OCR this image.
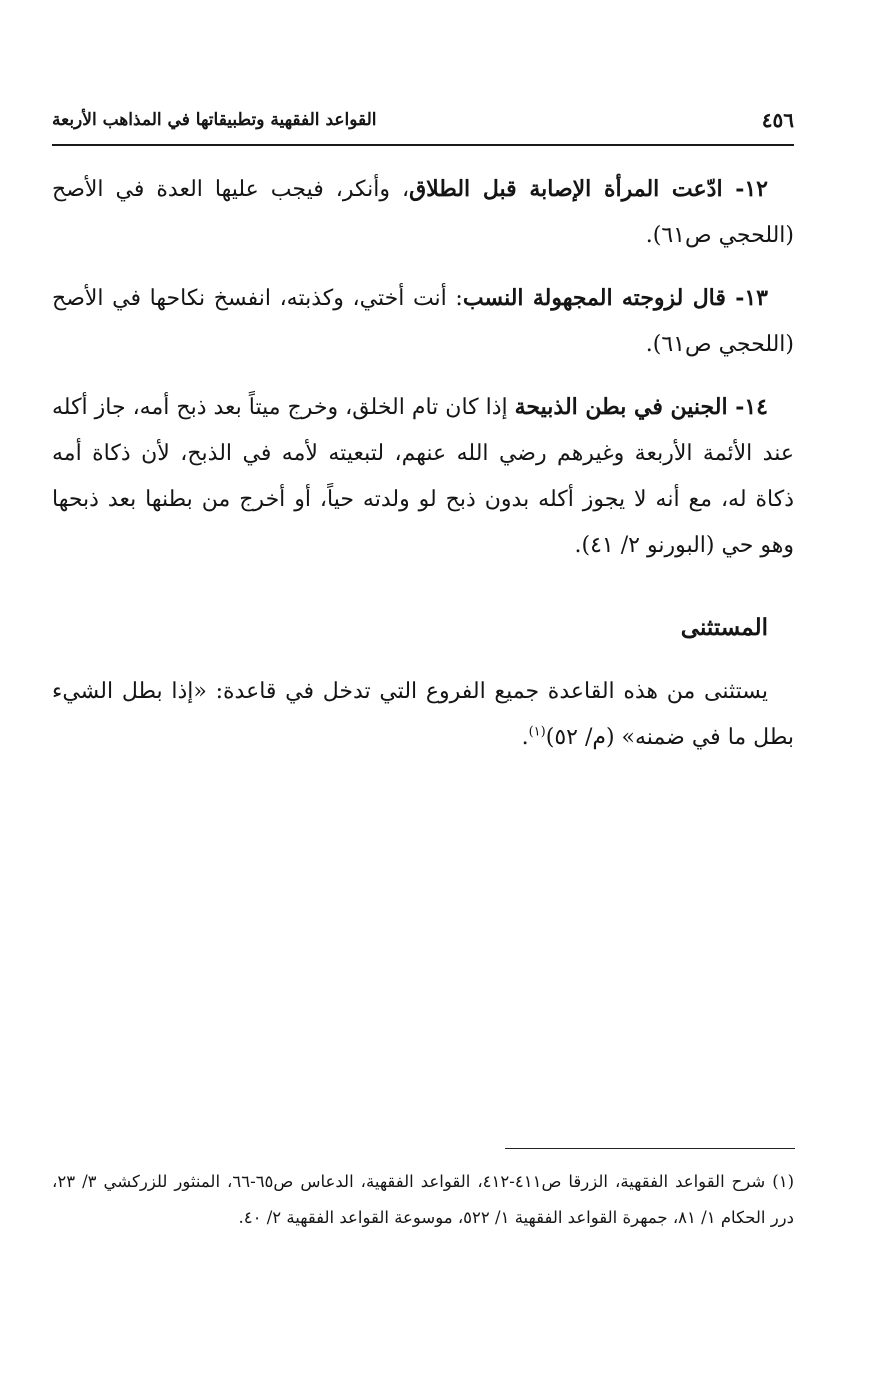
٤٥٦
القواعد الفقهية وتطبيقاتها في المذاهب الأربعة

١٢- ادّعت المرأة الإصابة قبل الطلاق، وأنكر، فيجب عليها العدة في الأصح (اللحجي ص٦١).

١٣- قال لزوجته المجهولة النسب: أنت أختي، وكذبته، انفسخ نكاحها في الأصح (اللحجي ص٦١).

١٤- الجنين في بطن الذبيحة إذا كان تام الخلق، وخرج ميتاً بعد ذبح أمه، جاز أكله عند الأئمة الأربعة وغيرهم رضي الله عنهم، لتبعيته لأمه في الذبح، لأن ذكاة أمه ذكاة له، مع أنه لا يجوز أكله بدون ذبح لو ولدته حياً، أو أخرج من بطنها بعد ذبحها وهو حي (البورنو ٢/ ٤١).

المستثنى

يستثنى من هذه القاعدة جميع الفروع التي تدخل في قاعدة: «إذا بطل الشيء بطل ما في ضمنه» (م/ ٥٢)$^{(١)}$.

(١) شرح القواعد الفقهية، الزرقا ص٤١١-٤١٢، القواعد الفقهية، الدعاس ص٦٥-٦٦، المنثور للزركشي ٣/ ٢٣، درر الحكام ١/ ٨١، جمهرة القواعد الفقهية ١/ ٥٢٢، موسوعة القواعد الفقهية ٢/ ٤٠.
